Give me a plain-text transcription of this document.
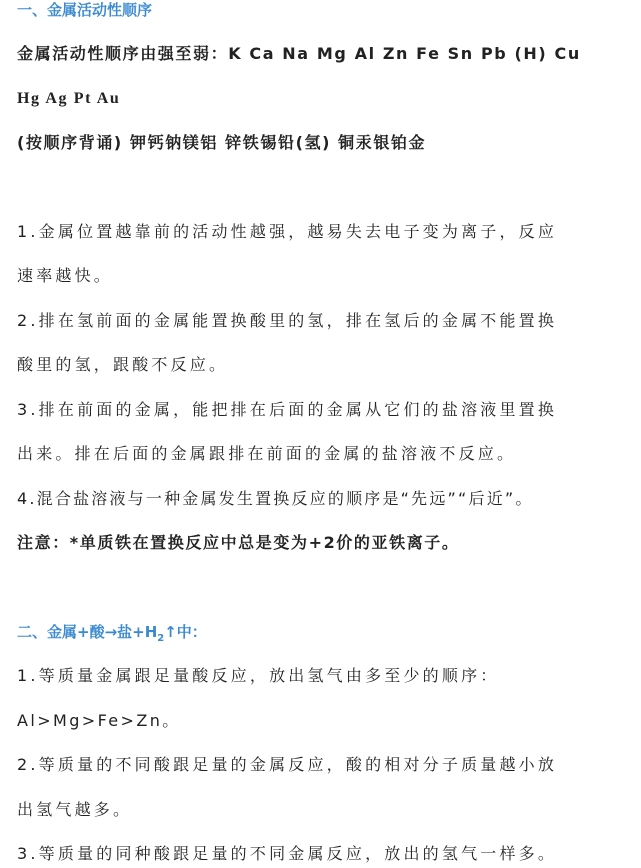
一、金属活动性顺序

金属活动性顺序由强至弱：K Ca Na Mg Al Zn Fe Sn Pb (H) Cu

Hg Ag Pt Au

(按顺序背诵) 钾钙钠镁铝 锌铁锡铅(氢) 铜汞银铂金

1.金属位置越靠前的活动性越强，越易失去电子变为离子，反应

速率越快。

2.排在氢前面的金属能置换酸里的氢，排在氢后的金属不能置换

酸里的氢，跟酸不反应。

3.排在前面的金属，能把排在后面的金属从它们的盐溶液里置换

出来。排在后面的金属跟排在前面的金属的盐溶液不反应。

4.混合盐溶液与一种金属发生置换反应的顺序是“先远”“后近”。

注意：*单质铁在置换反应中总是变为+2价的亚铁离子。

二、金属+酸→盐$+H_2↑$中：

1.等质量金属跟足量酸反应，放出氢气由多至少的顺序：

Al>Mg>Fe>Zn。

2.等质量的不同酸跟足量的金属反应，酸的相对分子质量越小放

出氢气越多。

3.等质量的同种酸跟足量的不同金属反应，放出的氢气一样多。
